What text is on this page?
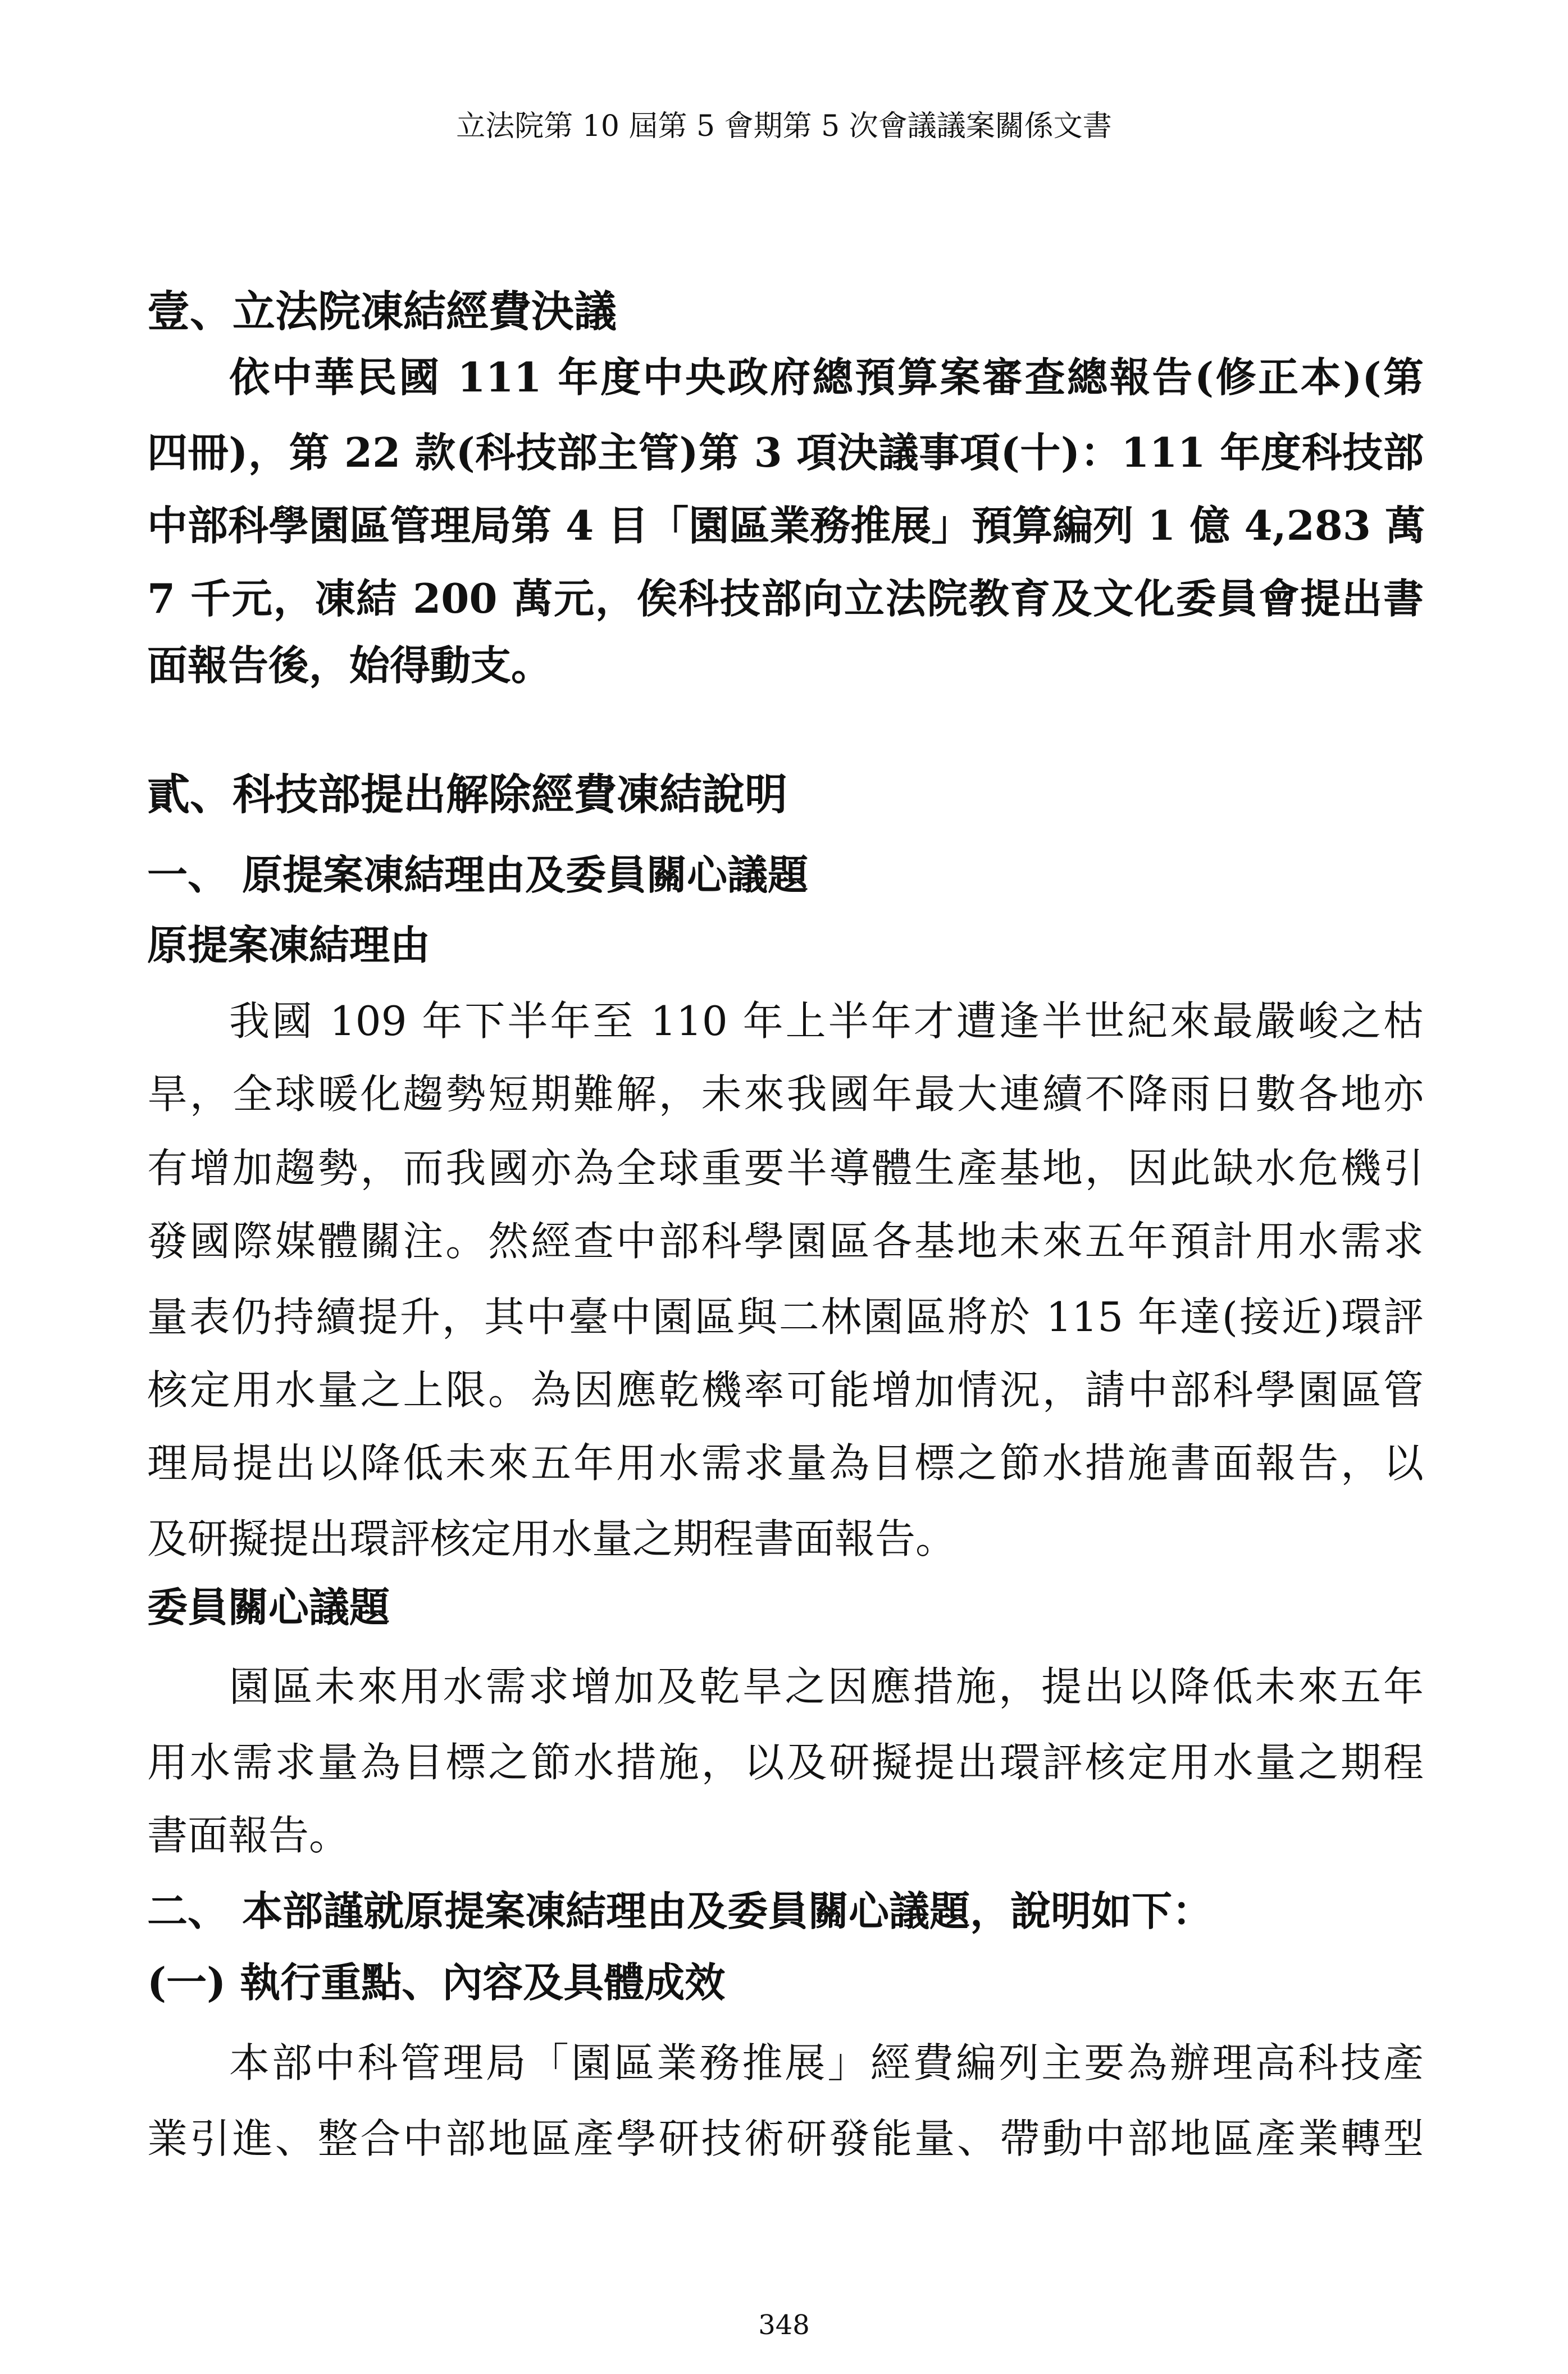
立法院第 10 屆第 5 會期第 5 次會議議案關係文書
壹、立法院凍結經費決議
依中華民國 111 年度中央政府總預算案審查總報告(修正本)(第
四冊)，第 22 款(科技部主管)第 3 項決議事項(十)：111 年度科技部
中部科學園區管理局第 4 目「園區業務推展」預算編列 1 億 4,283 萬
7 千元，凍結 200 萬元，俟科技部向立法院教育及文化委員會提出書
面報告後，始得動支。
貳、科技部提出解除經費凍結說明
一、 原提案凍結理由及委員關心議題
原提案凍結理由
我國 109 年下半年至 110 年上半年才遭逢半世紀來最嚴峻之枯
旱，全球暖化趨勢短期難解，未來我國年最大連續不降雨日數各地亦
有增加趨勢，而我國亦為全球重要半導體生產基地，因此缺水危機引
發國際媒體關注。然經查中部科學園區各基地未來五年預計用水需求
量表仍持續提升，其中臺中園區與二林園區將於 115 年達(接近)環評
核定用水量之上限。為因應乾機率可能增加情況，請中部科學園區管
理局提出以降低未來五年用水需求量為目標之節水措施書面報告，以
及研擬提出環評核定用水量之期程書面報告。
委員關心議題
園區未來用水需求增加及乾旱之因應措施，提出以降低未來五年
用水需求量為目標之節水措施，以及研擬提出環評核定用水量之期程
書面報告。
二、 本部謹就原提案凍結理由及委員關心議題，說明如下：
(一) 執行重點、內容及具體成效
本部中科管理局「園區業務推展」經費編列主要為辦理高科技產
業引進、整合中部地區產學研技術研發能量、帶動中部地區產業轉型
348
